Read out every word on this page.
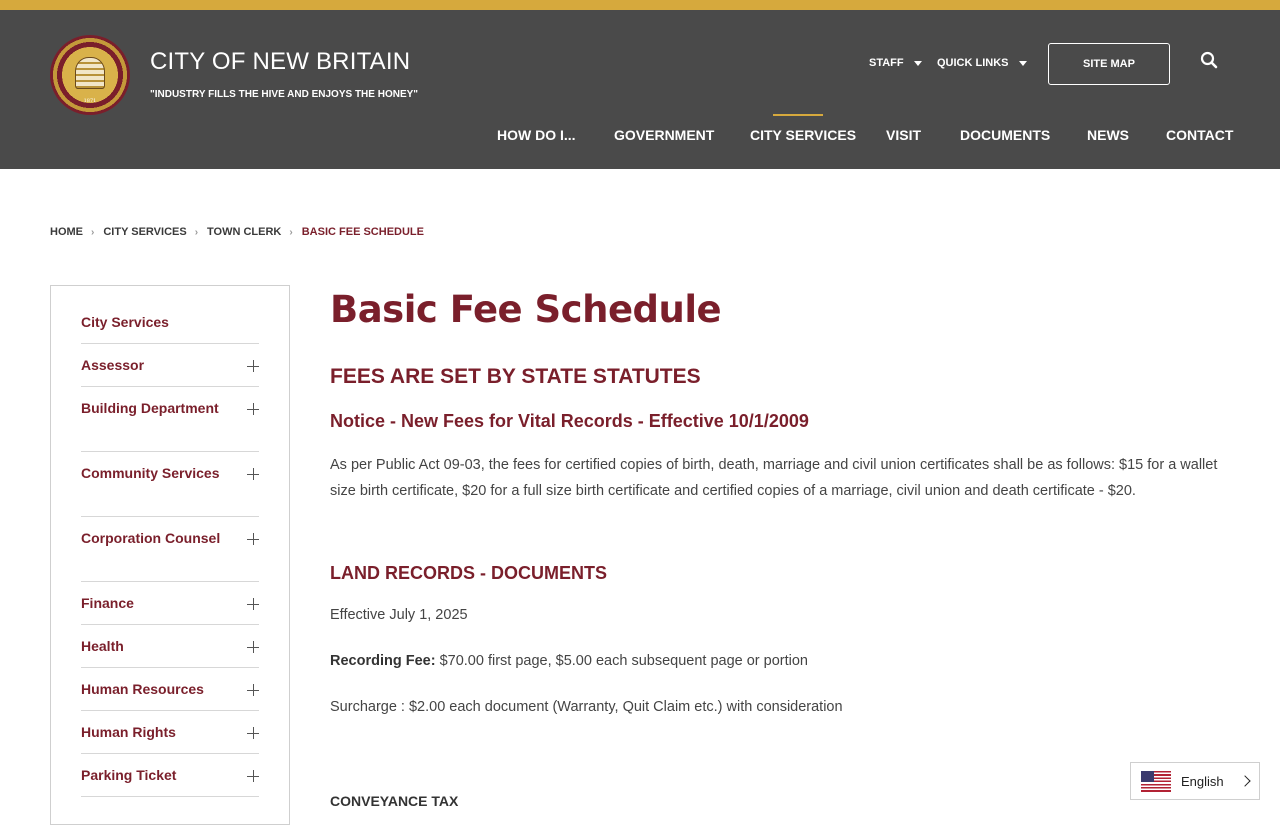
1871
CITY OF NEW BRITAIN
"INDUSTRY FILLS THE HIVE AND ENJOYS THE HONEY"
STAFF	QUICK LINKS	SITE MAP
HOW DO I...	GOVERNMENT	CITY SERVICES VISIT	DOCUMENTS	NEWS	CONTACT
HOME › CITY SERVICES › TOWN CLERK › BASIC FEE SCHEDULE
City Services
Assessor
Building Department
Community Services
Corporation Counsel
Finance
Health
Human Resources
Human Rights
Parking Ticket
Basic Fee Schedule
FEES ARE SET BY STATE STATUTES
Notice - New Fees for Vital Records - Effective 10/1/2009
As per Public Act 09-03, the fees for certified copies of birth, death, marriage and civil union certificates shall be as follows: $15 for a wallet size birth certificate, $20 for a full size birth certificate and certified copies of a marriage, civil union and death certificate - $20.
LAND RECORDS - DOCUMENTS
Effective July 1, 2025
Recording Fee: $70.00 first page, $5.00 each subsequent page or portion
Surcharge : $2.00 each document (Warranty, Quit Claim etc.) with consideration
CONVEYANCE TAX
English
